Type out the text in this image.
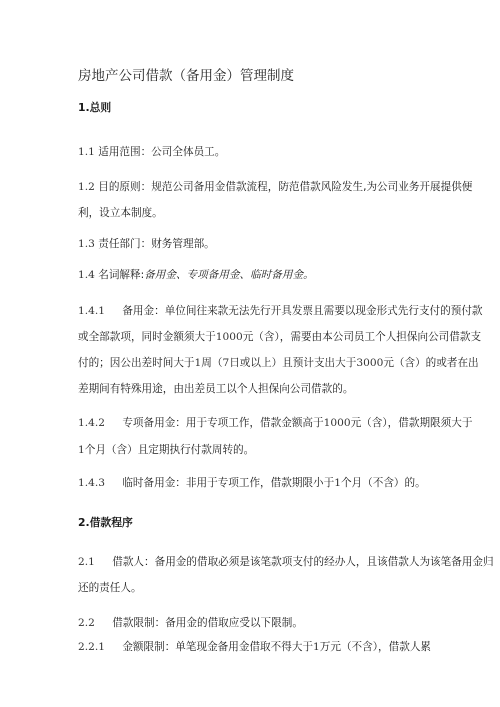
房地产公司借款（备用金）管理制度
1.总则
1.1 适用范围：公司全体员工。
1.2 目的原则：规范公司备用金借款流程，防范借款风险发生,为公司业务开展提供便
利，设立本制度。
1.3 责任部门：财务管理部。
1.4 名词解释:备用金、专项备用金、临时备用金。
1.4.1 备用金：单位间往来款无法先行开具发票且需要以现金形式先行支付的预付款
或全部款项，同时金额须大于1000元（含），需要由本公司员工个人担保向公司借款支
付的；因公出差时间大于1周（7日或以上）且预计支出大于3000元（含）的或者在出
差期间有特殊用途，由出差员工以个人担保向公司借款的。
1.4.2 专项备用金：用于专项工作，借款金额高于1000元（含），借款期限须大于
1个月（含）且定期执行付款周转的。
1.4.3 临时备用金：非用于专项工作，借款期限小于1个月（不含）的。
2.借款程序
2.1 借款人：备用金的借取必须是该笔款项支付的经办人，且该借款人为该笔备用金归
还的责任人。
2.2 借款限制：备用金的借取应受以下限制。
2.2.1 金额限制：单笔现金备用金借取不得大于1万元（不含），借款人累
